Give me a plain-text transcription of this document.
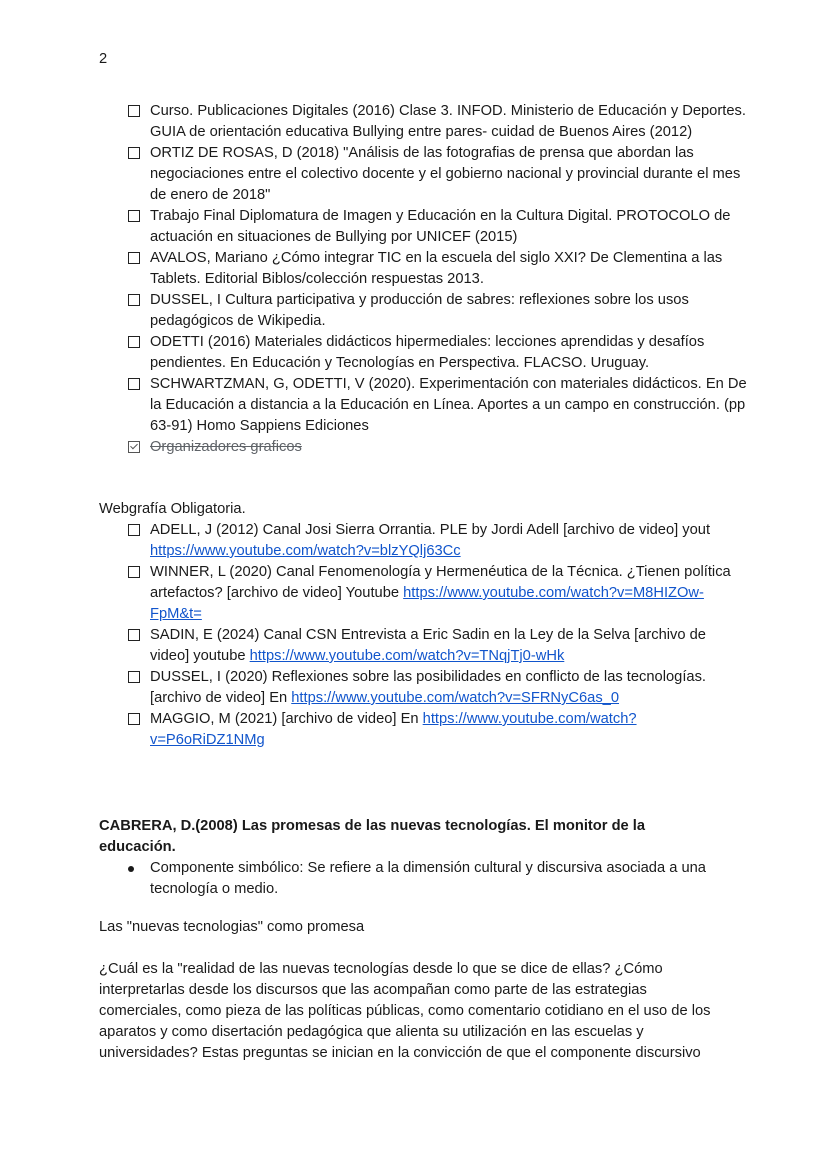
2
Curso. Publicaciones Digitales (2016) Clase 3. INFOD. Ministerio de Educación y Deportes. GUIA de orientación educativa Bullying entre pares- cuidad de Buenos Aires (2012)
ORTIZ DE ROSAS, D (2018) "Análisis de las fotografias de prensa que abordan las negociaciones entre el colectivo docente y el gobierno nacional y provincial durante el mes de enero de 2018"
Trabajo Final Diplomatura de Imagen y Educación en la Cultura Digital. PROTOCOLO de actuación en situaciones de Bullying por UNICEF (2015)
AVALOS, Mariano ¿Cómo integrar TIC en la escuela del siglo XXI? De Clementina a las Tablets. Editorial Biblos/colección respuestas 2013.
DUSSEL, I Cultura participativa y producción de sabres: reflexiones sobre los usos pedagógicos de Wikipedia.
ODETTI (2016) Materiales didácticos hipermediales: lecciones aprendidas y desafíos pendientes. En Educación y Tecnologías en Perspectiva. FLACSO. Uruguay.
SCHWARTZMAN, G, ODETTI, V (2020). Experimentación con materiales didácticos. En De la Educación a distancia a la Educación en Línea. Aportes a un campo en construcción. (pp 63-91) Homo Sappiens Ediciones
Organizadores graficos
Webgrafía Obligatoria.
ADELL, J (2012) Canal Josi Sierra Orrantia. PLE by Jordi Adell [archivo de video] yout https://www.youtube.com/watch?v=blzYQlj63Cc
WINNER, L (2020) Canal Fenomenología y Hermenéutica de la Técnica. ¿Tienen política artefactos? [archivo de video] Youtube https://www.youtube.com/watch?v=M8HIZOw-FpM&t=
SADIN, E (2024) Canal CSN Entrevista a Eric Sadin en la Ley de la Selva [archivo de video] youtube https://www.youtube.com/watch?v=TNqjTj0-wHk
DUSSEL, I (2020) Reflexiones sobre las posibilidades en conflicto de las tecnologías. [archivo de video] En https://www.youtube.com/watch?v=SFRNyC6as_0
MAGGIO, M (2021) [archivo de video] En https://www.youtube.com/watch?v=P6oRiDZ1NMg
CABRERA, D.(2008) Las promesas de las nuevas tecnologías. El monitor de la educación.
Componente simbólico: Se refiere a la dimensión cultural y discursiva asociada a una tecnología o medio.
Las "nuevas tecnologias" como promesa
¿Cuál es la "realidad de las nuevas tecnologías desde lo que se dice de ellas? ¿Cómo interpretarlas desde los discursos que las acompañan como parte de las estrategias comerciales, como pieza de las políticas públicas, como comentario cotidiano en el uso de los aparatos y como disertación pedagógica que alienta su utilización en las escuelas y universidades? Estas preguntas se inician en la convicción de que el componente discursivo
